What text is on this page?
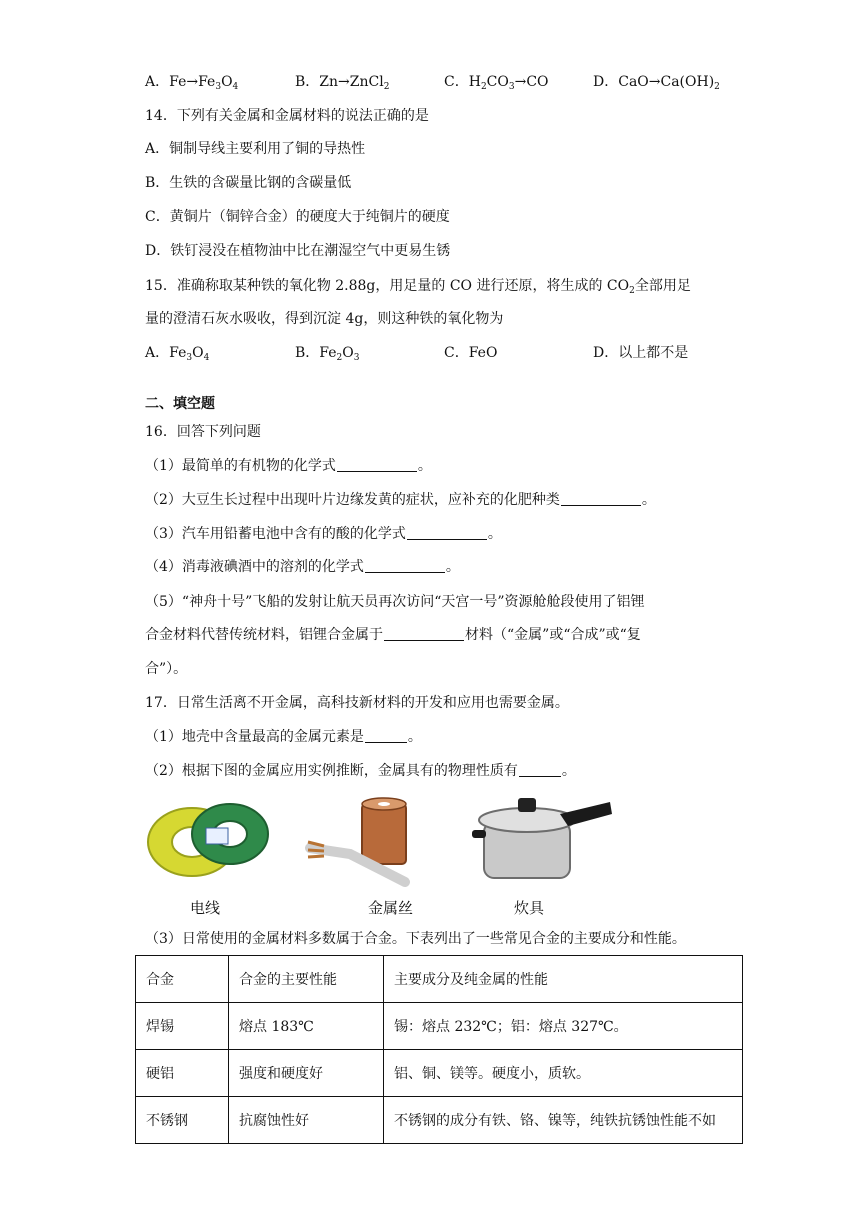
A．$Fe\to Fe_3O_4$	B．Zn→ZnCl$_2$	C．$H_2CO_3\to CO$	D．$CaO\to Ca(OH)_2$
14．下列有关金属和金属材料的说法正确的是
A．铜制导线主要利用了铜的导热性
B．生铁的含碳量比钢的含碳量低
C．黄铜片（铜锌合金）的硬度大于纯铜片的硬度
D．铁钉浸没在植物油中比在潮湿空气中更易生锈
15．准确称取某种铁的氧化物 2.88g，用足量的 CO 进行还原，将生成的 $CO_2$全部用足
量的澄清石灰水吸收，得到沉淀 4g，则这种铁的氧化物为
A．$Fe_3O_4$	B．$Fe_2O_3$	C．FeO	D．以上都不是
二、填空题
16．回答下列问题
（1）最简单的有机物的化学式	。
（2）大豆生长过程中出现叶片边缘发黄的症状，应补充的化肥种类	。
（3）汽车用铅蓄电池中含有的酸的化学式	。
（4）消毒液碘酒中的溶剂的化学式	。
（5）“神舟十号”飞船的发射让航天员再次访问“天宫一号”资源舱舱段使用了铝锂
合金材料代替传统材料，铝锂合金属于	材料（“金属”或“合成”或“复
合”）。
17．日常生活离不开金属，高科技新材料的开发和应用也需要金属。
（1）地壳中含量最高的金属元素是	。
（2）根据下图的金属应用实例推断，金属具有的物理性质有	。
电线	金属丝	炊具
（3）日常使用的金属材料多数属于合金。下表列出了一些常见合金的主要成分和性能。
合金	合金的主要性能	主要成分及纯金属的性能
焊锡	熔点 183℃	锡：熔点 232℃；铝：熔点 327℃。
硬铝	强度和硬度好	铝、铜、镁等。硬度小，质软。
不锈钢	抗腐蚀性好	不锈钢的成分有铁、铬、镍等，纯铁抗锈蚀性能不如
